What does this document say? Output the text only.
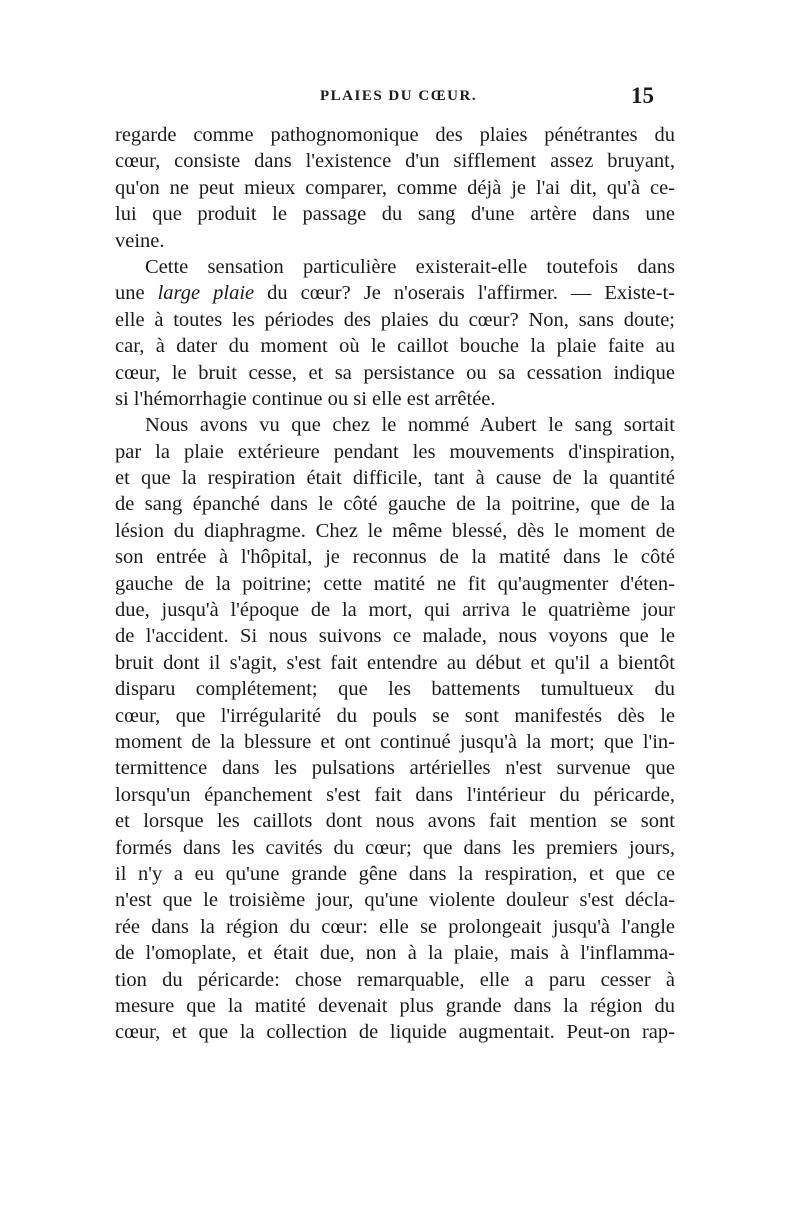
PLAIES DU CŒUR.	15
regarde comme pathognomonique des plaies pénétrantes du
cœur, consiste dans l'existence d'un sifflement assez bruyant,
qu'on ne peut mieux comparer, comme déjà je l'ai dit, qu'à ce-
lui que produit le passage du sang d'une artère dans une
veine.
Cette sensation particulière existerait-elle toutefois dans
une large plaie du cœur? Je n'oserais l'affirmer. — Existe-t-
elle à toutes les périodes des plaies du cœur? Non, sans doute;
car, à dater du moment où le caillot bouche la plaie faite au
cœur, le bruit cesse, et sa persistance ou sa cessation indique
si l'hémorrhagie continue ou si elle est arrêtée.
Nous avons vu que chez le nommé Aubert le sang sortait
par la plaie extérieure pendant les mouvements d'inspiration,
et que la respiration était difficile, tant à cause de la quantité
de sang épanché dans le côté gauche de la poitrine, que de la
lésion du diaphragme. Chez le même blessé, dès le moment de
son entrée à l'hôpital, je reconnus de la matité dans le côté
gauche de la poitrine; cette matité ne fit qu'augmenter d'éten-
due, jusqu'à l'époque de la mort, qui arriva le quatrième jour
de l'accident. Si nous suivons ce malade, nous voyons que le
bruit dont il s'agit, s'est fait entendre au début et qu'il a bientôt
disparu complétement; que les battements tumultueux du
cœur, que l'irrégularité du pouls se sont manifestés dès le
moment de la blessure et ont continué jusqu'à la mort; que l'in-
termittence dans les pulsations artérielles n'est survenue que
lorsqu'un épanchement s'est fait dans l'intérieur du péricarde,
et lorsque les caillots dont nous avons fait mention se sont
formés dans les cavités du cœur; que dans les premiers jours,
il n'y a eu qu'une grande gêne dans la respiration, et que ce
n'est que le troisième jour, qu'une violente douleur s'est décla-
rée dans la région du cœur: elle se prolongeait jusqu'à l'angle
de l'omoplate, et était due, non à la plaie, mais à l'inflamma-
tion du péricarde: chose remarquable, elle a paru cesser à
mesure que la matité devenait plus grande dans la région du
cœur, et que la collection de liquide augmentait. Peut-on rap-
